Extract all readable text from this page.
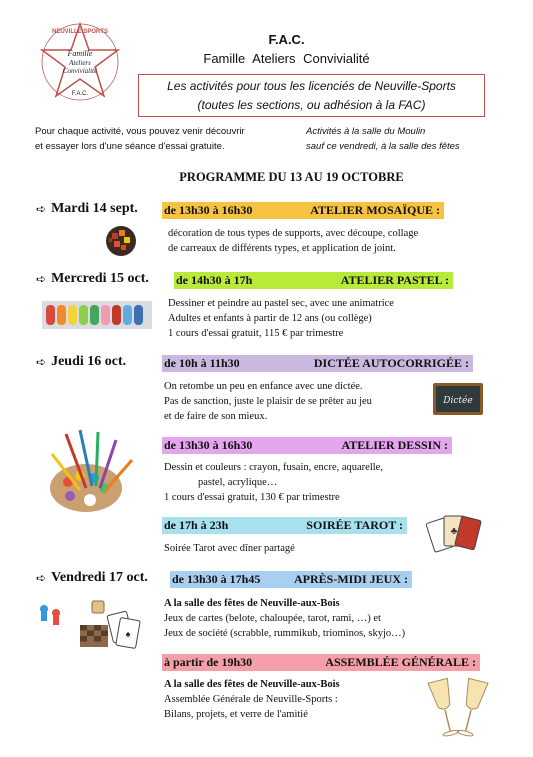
NEUVILLE SPORTS
Famille
Ateliers
Convivialité
F.A.C.
F.A.C.
Famille Ateliers Convivialité
Les activités pour tous les licenciés de Neuville-Sports
(toutes les sections, ou adhésion à la FAC)
Pour chaque activité, vous pouvez venir découvrir
et essayer lors d'une séance d'essai gratuite.
Activités à la salle du Moulin
sauf ce vendredi, à la salle des fêtes
PROGRAMME DU 13 AU 19 OCTOBRE
➪ Mardi 14 sept. de 13h30 à 16h30	ATELIER MOSAÏQUE :
décoration de tous types de supports, avec découpe, collage
de carreaux de différents types, et application de joint.
➪ Mercredi 15 oct. de 14h30 à 17h	ATELIER PASTEL :
Dessiner et peindre au pastel sec, avec une animatrice
Adultes et enfants à partir de 12 ans (ou collège)
1 cours d'essai gratuit, 115 € par trimestre
➪ Jeudi 16 oct.	de 10h à 11h30	DICTÉE AUTOCORRIGÉE :
On retombe un peu en enfance avec une dictée.
Pas de sanction, juste le plaisir de se prêter au jeu
et de faire de son mieux.
Dictée
de 13h30 à 16h30	ATELIER DESSIN :
Dessin et couleurs : crayon, fusain, encre, aquarelle,
pastel, acrylique…
1 cours d'essai gratuit, 130 € par trimestre
de 17h à 23h	SOIRÉE TAROT :
Soirée Tarot avec dîner partagé
♣
➪ Vendredi 17 oct. de 13h30 à 17h45	APRÈS-MIDI JEUX :
A la salle des fêtes de Neuville-aux-Bois
Jeux de cartes (belote, chaloupée, tarot, rami, …) et
Jeux de société (scrabble, rummikub, triominos, skyjo…)
♠
à partir de 19h30	ASSEMBLÉE GÉNÉRALE :
A la salle des fêtes de Neuville-aux-Bois
Assemblée Générale de Neuville-Sports :
Bilans, projets, et verre de l'amitié
